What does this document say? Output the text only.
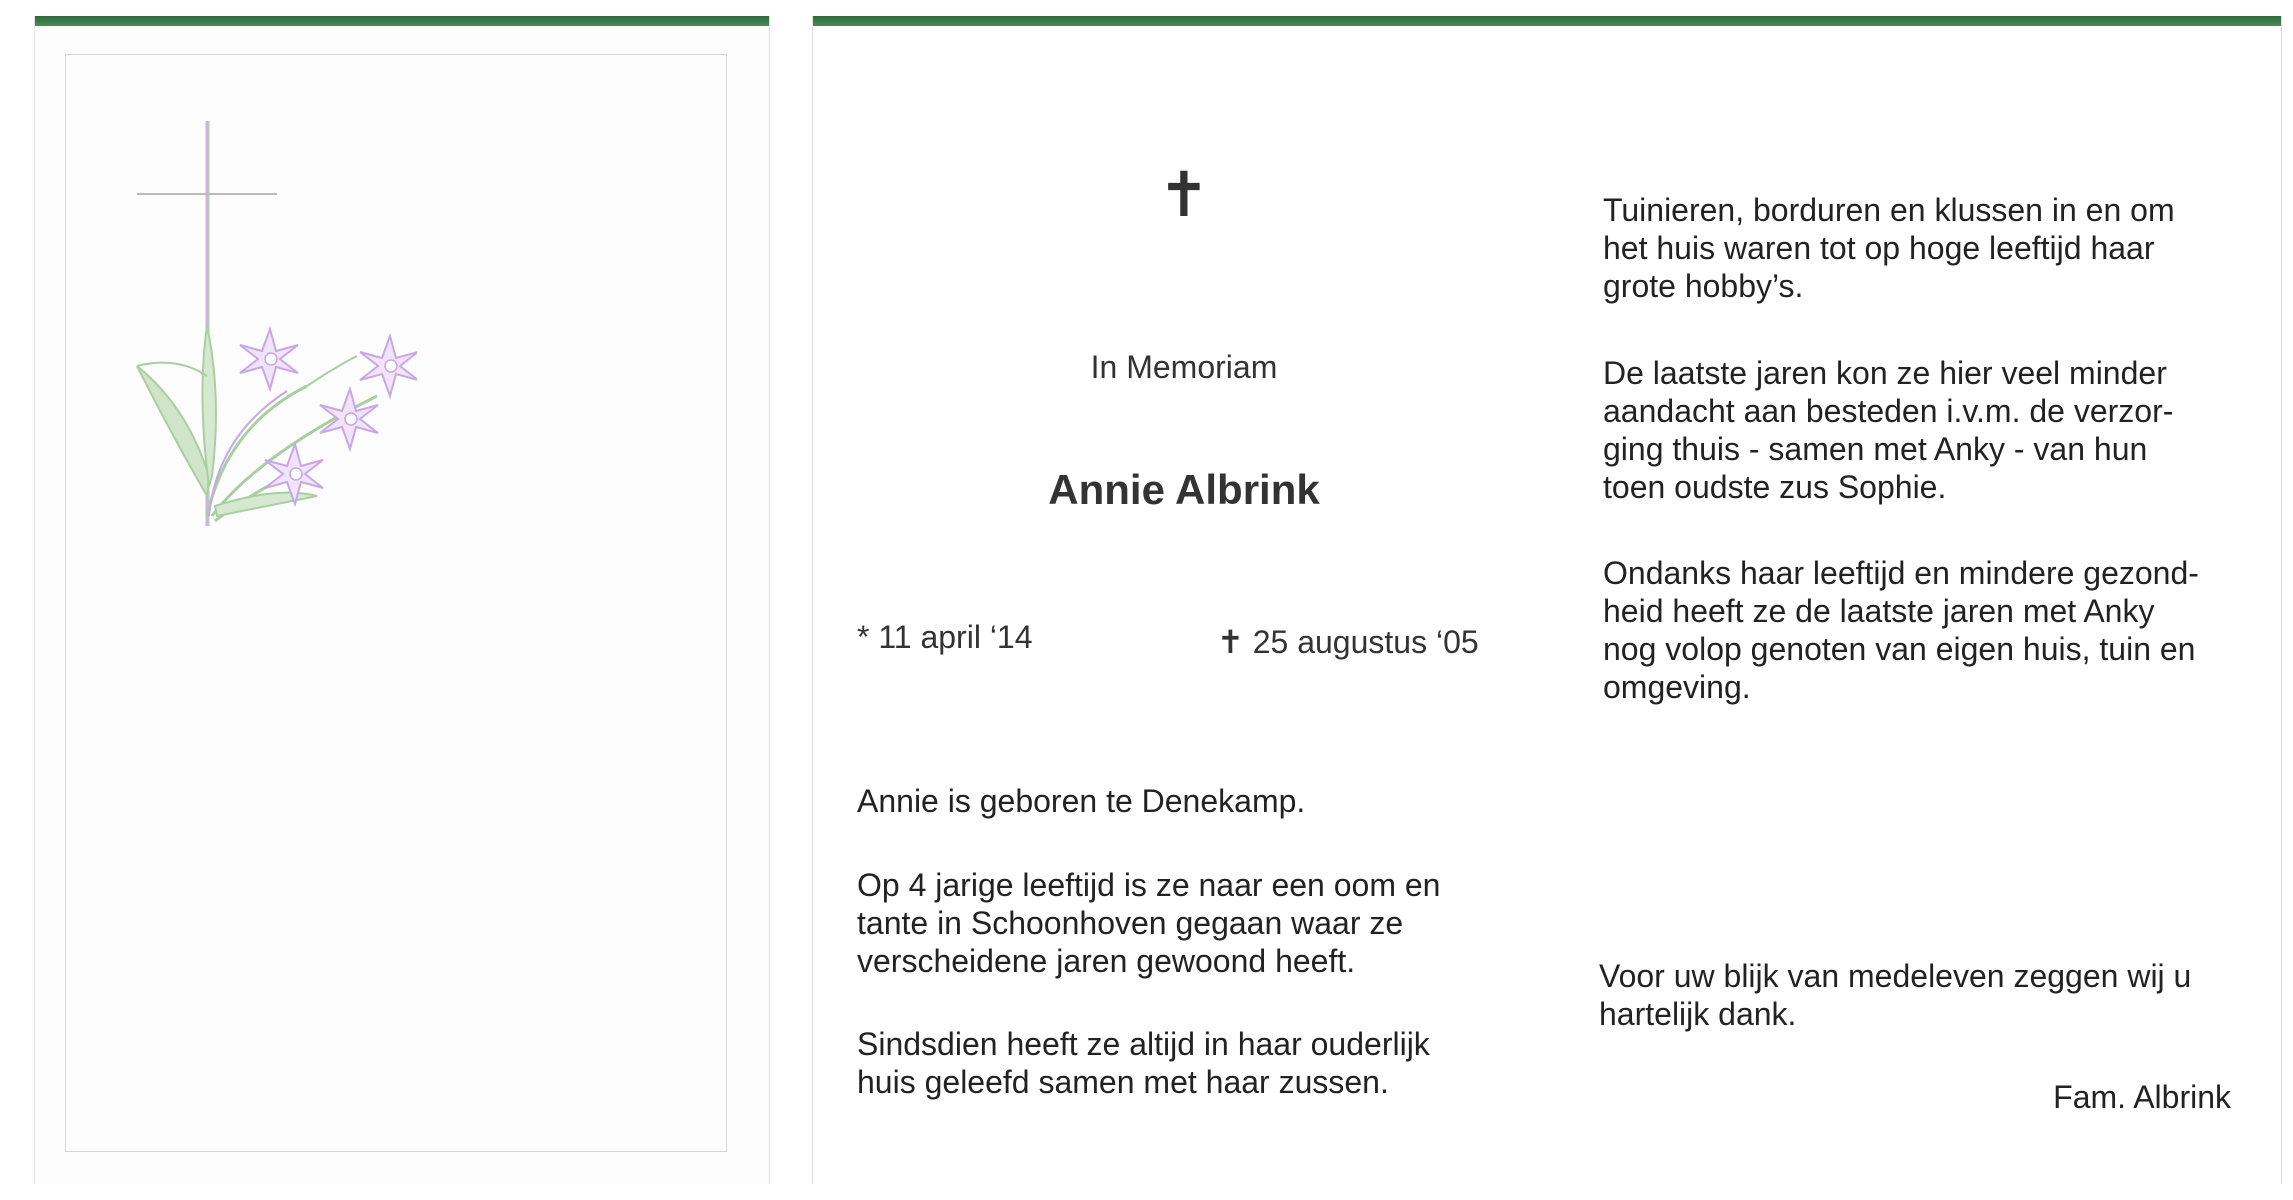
✝
In Memoriam
Annie Albrink
* 11 april ‘14	✝ 25 augustus ‘05

Annie is geboren te Denekamp.

Op 4 jarige leeftijd is ze naar een oom en
tante in Schoonhoven gegaan waar ze
verscheidene jaren gewoond heeft.

Sindsdien heeft ze altijd in haar ouderlijk
huis geleefd samen met haar zussen.

Tuinieren, borduren en klussen in en om
het huis waren tot op hoge leeftijd haar
grote hobby’s.

De laatste jaren kon ze hier veel minder
aandacht aan besteden i.v.m. de verzor-
ging thuis - samen met Anky - van hun
toen oudste zus Sophie.

Ondanks haar leeftijd en mindere gezond-
heid heeft ze de laatste jaren met Anky
nog volop genoten van eigen huis, tuin en
omgeving.

Voor uw blijk van medeleven zeggen wij u
hartelijk dank.

Fam. Albrink
